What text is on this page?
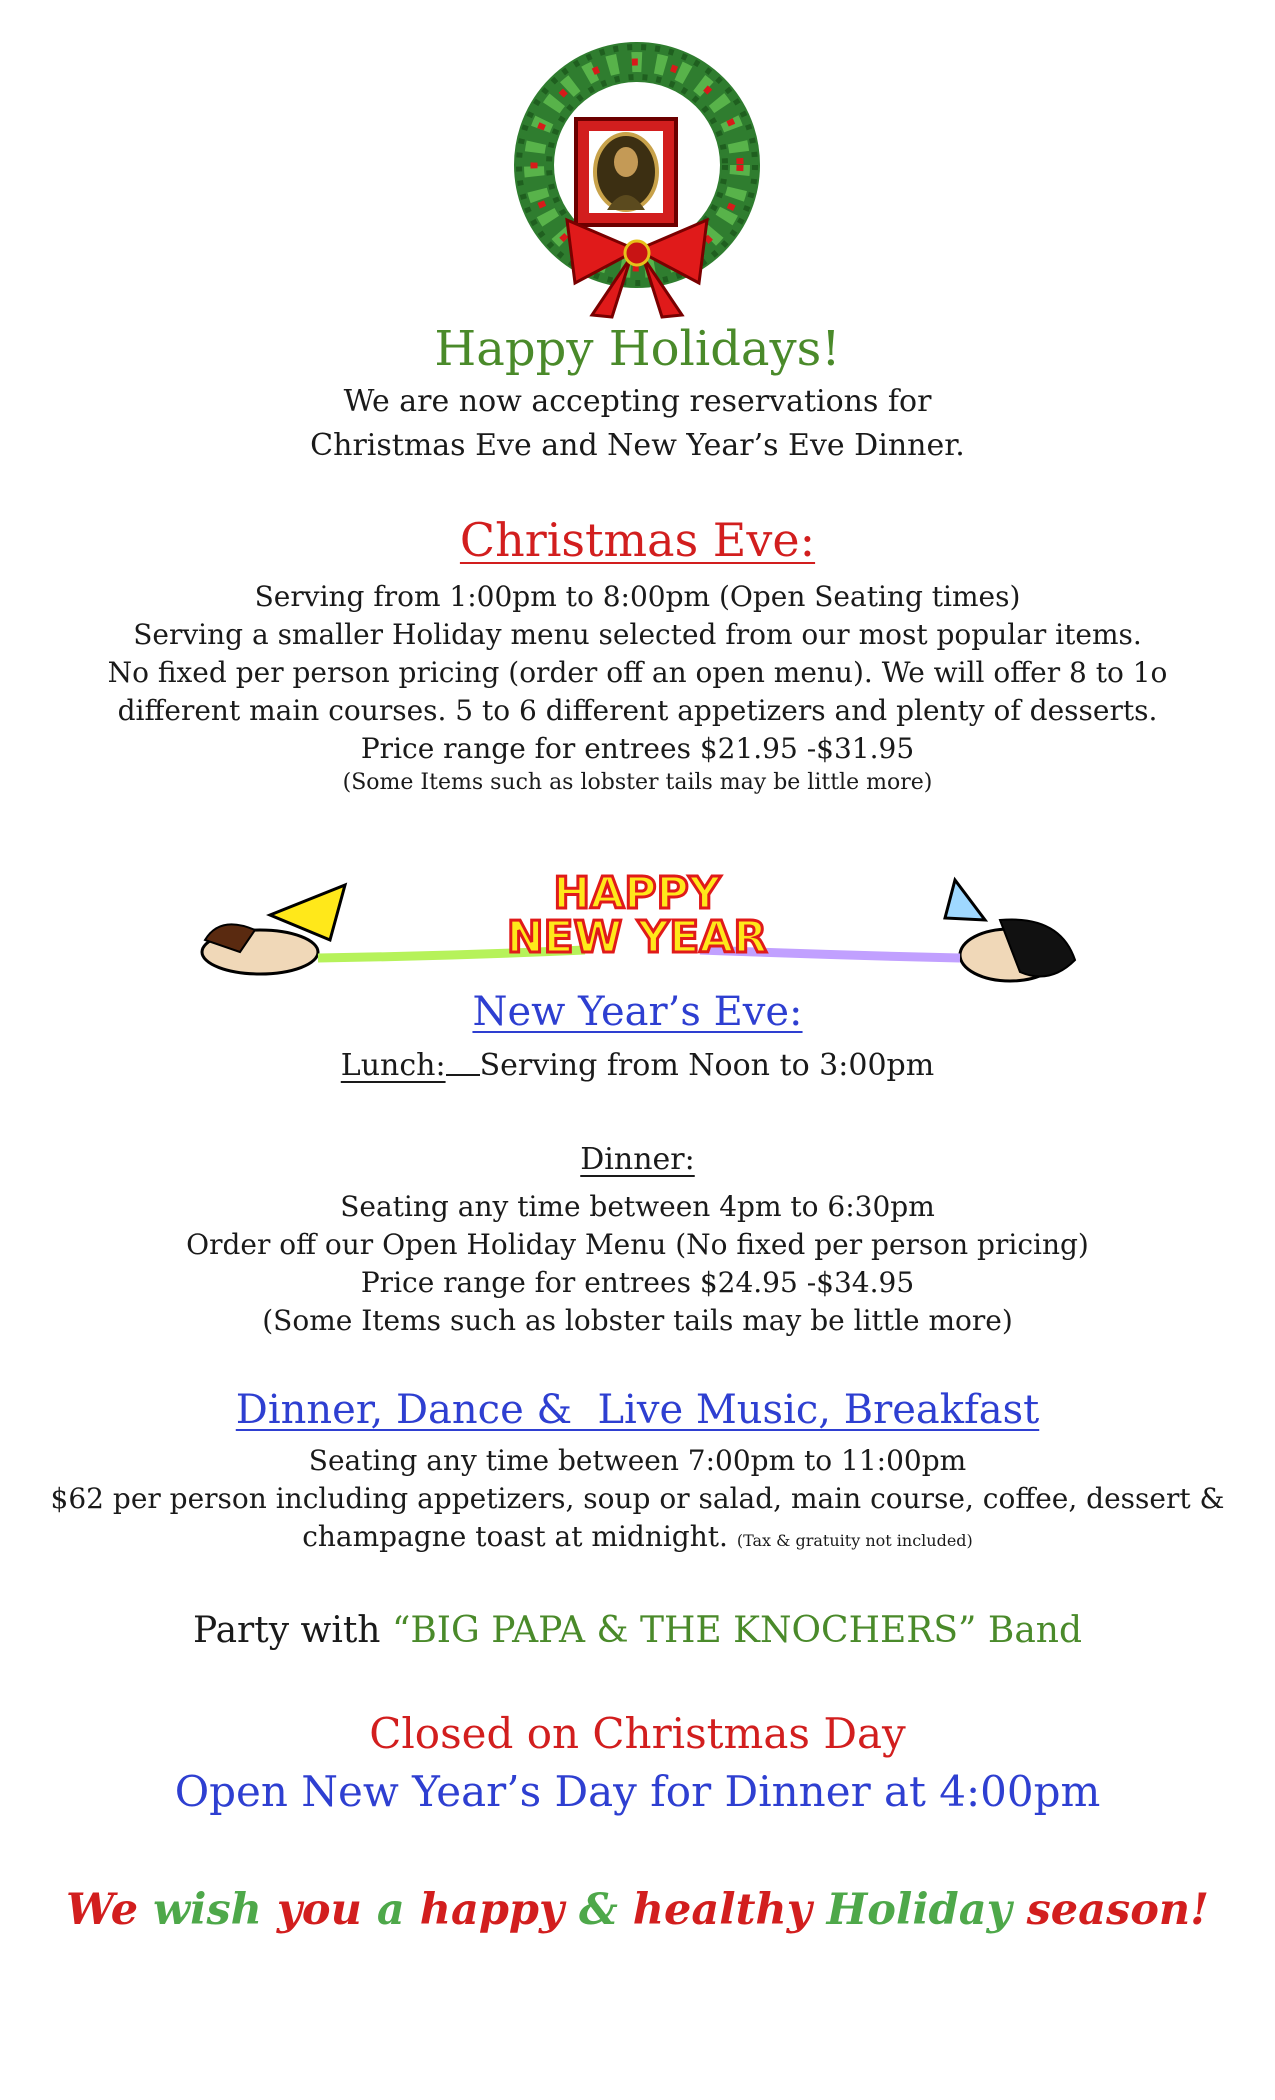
Happy Holidays!
We are now accepting reservations for
Christmas Eve and New Year’s Eve Dinner.
Christmas Eve:
Serving from 1:00pm to 8:00pm (Open Seating times)
Serving a smaller Holiday menu selected from our most popular items.
No fixed per person pricing (order off an open menu). We will offer 8 to 1o
different main courses. 5 to 6 different appetizers and plenty of desserts.
Price range for entrees $21.95 -$31.95
(Some Items such as lobster tails may be little more)
HAPPY
NEW YEAR
New Year’s Eve:
Lunch: Serving from Noon to 3:00pm
Dinner:
Seating any time between 4pm to 6:30pm
Order off our Open Holiday Menu (No fixed per person pricing)
Price range for entrees $24.95 -$34.95
(Some Items such as lobster tails may be little more)
Dinner, Dance &  Live Music, Breakfast
Seating any time between 7:00pm to 11:00pm
$62 per person including appetizers, soup or salad, main course, coffee, dessert &
champagne toast at midnight. (Tax & gratuity not included)
Party with “BIG PAPA & THE KNOCHERS” Band
Closed on Christmas Day
Open New Year’s Day for Dinner at 4:00pm
We wish you a happy & healthy Holiday season!
